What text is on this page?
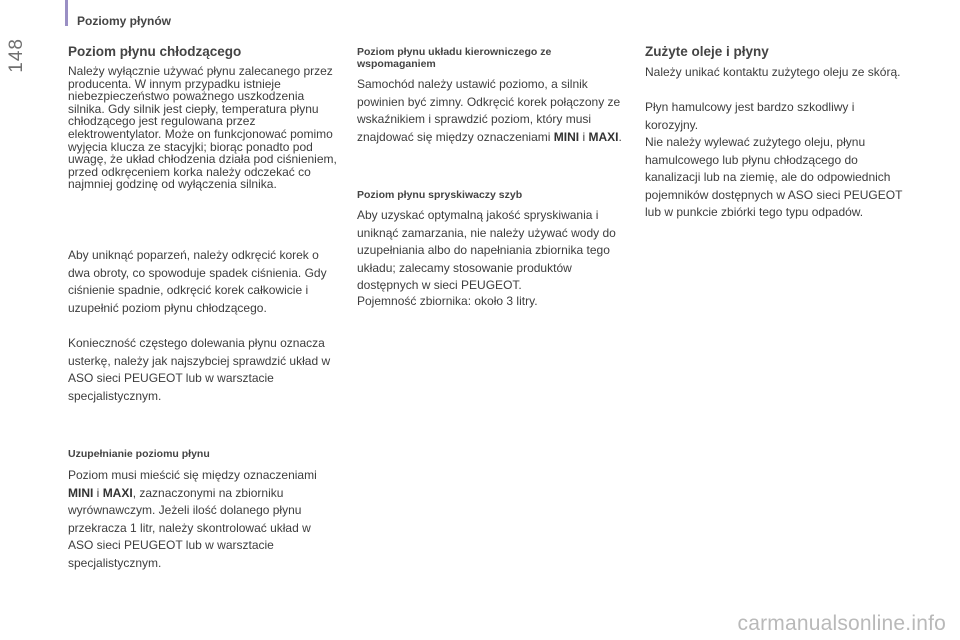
Poziomy płynów
148	Poziom płynu chłodzącego

Należy wyłącznie używać płynu zalecanego przez producenta. W innym przypadku istnieje niebezpieczeństwo poważnego uszkodzenia silnika. Gdy silnik jest ciepły, temperatura płynu chłodzącego jest regulowana przez elektrowentylator. Może on funkcjonować pomimo wyjęcia klucza ze stacyjki; biorąc ponadto pod uwagę, że układ chłodzenia działa pod ciśnieniem, przed odkręceniem korka należy odczekać co najmniej godzinę od wyłączenia silnika.

Aby uniknąć poparzeń, należy odkręcić korek o dwa obroty, co spowoduje spadek ciśnienia. Gdy ciśnienie spadnie, odkręcić korek całkowicie i uzupełnić poziom płynu chłodzącego.

Konieczność częstego dolewania płynu oznacza usterkę, należy jak najszybciej sprawdzić układ w ASO sieci PEUGEOT lub w warsztacie specjalistycznym.

Uzupełnianie poziomu płynu

Poziom musi mieścić się między oznaczeniami MINI i MAXI, zaznaczonymi na zbiorniku wyrównawczym. Jeżeli ilość dolanego płynu przekracza 1 litr, należy skontrolować układ w ASO sieci PEUGEOT lub w warsztacie specjalistycznym.

Poziom płynu układu kierowniczego ze wspomaganiem

Samochód należy ustawić poziomo, a silnik powinien być zimny. Odkręcić korek połączony ze wskaźnikiem i sprawdzić poziom, który musi znajdować się między oznaczeniami MINI i MAXI.

Poziom płynu spryskiwaczy szyb

Aby uzyskać optymalną jakość spryskiwania i uniknąć zamarzania, nie należy używać wody do uzupełniania albo do napełniania zbiornika tego układu; zalecamy stosowanie produktów dostępnych w sieci PEUGEOT.

Pojemność zbiornika: około 3 litry.

Zużyte oleje i płyny

Należy unikać kontaktu zużytego oleju ze skórą.

Płyn hamulcowy jest bardzo szkodliwy i korozyjny.

Nie należy wylewać zużytego oleju, płynu hamulcowego lub płynu chłodzącego do kanalizacji lub na ziemię, ale do odpowiednich pojemników dostępnych w ASO sieci PEUGEOT lub w punkcie zbiórki tego typu odpadów.

carmanualsonline.info
